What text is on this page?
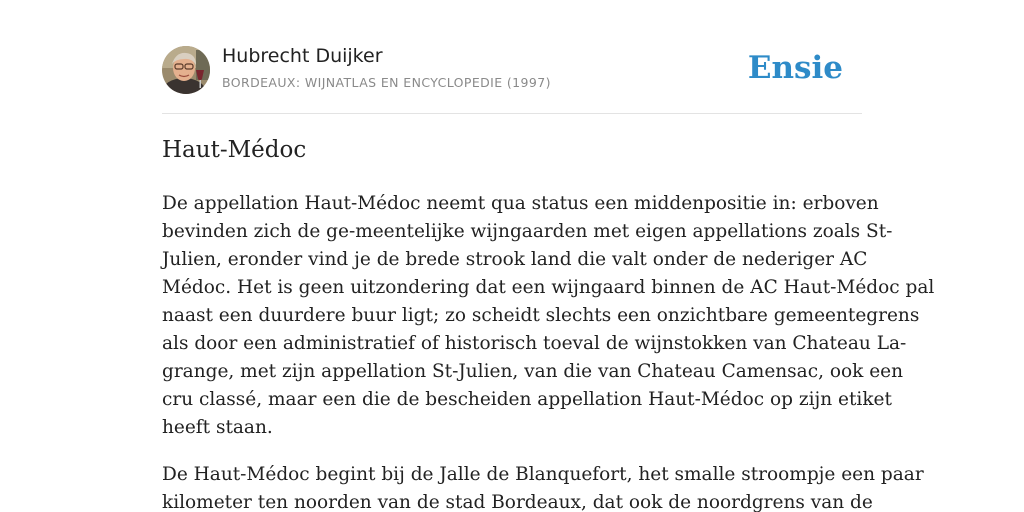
Hubrecht Duijker
BORDEAUX: WIJNATLAS EN ENCYCLOPEDIE (1997)	Ensie
Haut-Médoc

De appellation Haut-Médoc neemt qua status een middenpositie in: erboven
bevinden zich de ge-meentelijke wijngaarden met eigen appellations zoals St-
Julien, eronder vind je de brede strook land die valt onder de nederiger AC
Médoc. Het is geen uitzondering dat een wijngaard binnen de AC Haut-Médoc pal
naast een duurdere buur ligt; zo scheidt slechts een onzichtbare gemeentegrens
als door een administratief of historisch toeval de wijnstokken van Chateau La-
grange, met zijn appellation St-Julien, van die van Chateau Camensac, ook een
cru classé, maar een die de bescheiden appellation Haut-Médoc op zijn etiket
heeft staan.

De Haut-Médoc begint bij de Jalle de Blanquefort, het smalle stroompje een paar
kilometer ten noorden van de stad Bordeaux, dat ook de noordgrens van de
